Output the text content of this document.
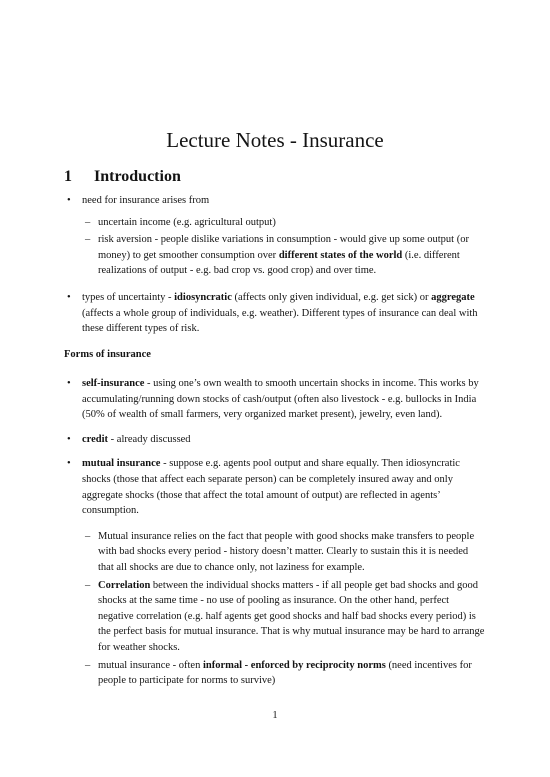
Lecture Notes - Insurance
1 Introduction
• need for insurance arises from
– uncertain income (e.g. agricultural output)
– risk aversion - people dislike variations in consumption - would give up some output (or money) to get smoother consumption over different states of the world (i.e. different realizations of output - e.g. bad crop vs. good crop) and over time.
• types of uncertainty - idiosyncratic (affects only given individual, e.g. get sick) or aggregate (affects a whole group of individuals, e.g. weather). Different types of insurance can deal with these different types of risk.
Forms of insurance
• self-insurance - using one’s own wealth to smooth uncertain shocks in income. This works by accumulating/running down stocks of cash/output (often also livestock - e.g. bullocks in India (50% of wealth of small farmers, very organized market present), jewelry, even land).
• credit - already discussed
• mutual insurance - suppose e.g. agents pool output and share equally. Then idiosyncratic shocks (those that affect each separate person) can be completely insured away and only aggregate shocks (those that affect the total amount of output) are reflected in agents’ consumption.
– Mutual insurance relies on the fact that people with good shocks make transfers to people with bad shocks every period - history doesn’t matter. Clearly to sustain this it is needed that all shocks are due to chance only, not laziness for example.
– Correlation between the individual shocks matters - if all people get bad shocks and good shocks at the same time - no use of pooling as insurance. On the other hand, perfect negative correlation (e.g. half agents get good shocks and half bad shocks every period) is the perfect basis for mutual insurance. That is why mutual insurance may be hard to arrange for weather shocks.
– mutual insurance - often informal - enforced by reciprocity norms (need incentives for people to participate for norms to survive)
1
